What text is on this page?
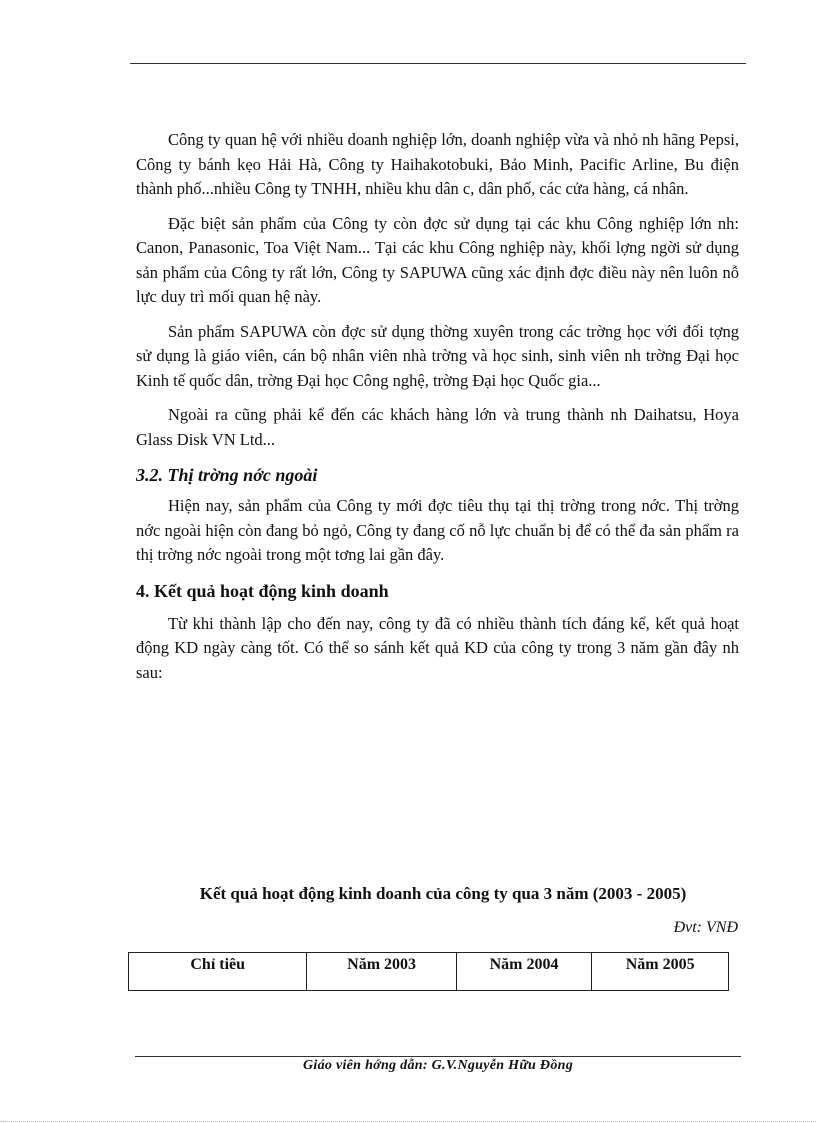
Công ty quan hệ với nhiều doanh nghiệp lớn, doanh nghiệp vừa và nhỏ nh hãng Pepsi, Công ty bánh kẹo Hải Hà, Công ty Haihakotobuki, Bảo Minh, Pacific Arline, Bu điện thành phố...nhiều Công ty TNHH, nhiều khu dân c, dân phố, các cửa hàng, cá nhân.

Đặc biệt sản phẩm của Công ty còn đợc sử dụng tại các khu Công nghiệp lớn nh: Canon, Panasonic, Toa Việt Nam... Tại các khu Công nghiệp này, khối lợng ngời sử dụng sản phẩm của Công ty rất lớn, Công ty SAPUWA cũng xác định đợc điều này nên luôn nỗ lực duy trì mối quan hệ này.

Sản phẩm SAPUWA còn đợc sử dụng thờng xuyên trong các trờng học với đối tợng sử dụng là giáo viên, cán bộ nhân viên nhà trờng và học sinh, sinh viên nh trờng Đại học Kinh tế quốc dân, trờng Đại học Công nghệ, trờng Đại học Quốc gia...

Ngoài ra cũng phải kể đến các khách hàng lớn và trung thành nh Daihatsu, Hoya Glass Disk VN Ltd...

3.2. Thị trờng nớc ngoài

Hiện nay, sản phẩm của Công ty mới đợc tiêu thụ tại thị trờng trong nớc. Thị trờng nớc ngoài hiện còn đang bỏ ngỏ, Công ty đang cố nỗ lực chuẩn bị để có thể đa sản phẩm ra thị trờng nớc ngoài trong một tơng lai gần đây.

4. Kết quả hoạt động kinh doanh

Từ khi thành lập cho đến nay, công ty đã có nhiều thành tích đáng kể, kết quả hoạt động KD ngày càng tốt. Có thể so sánh kết quả KD của công ty trong 3 năm gần đây nh sau:

Kết quả hoạt động kinh doanh của công ty qua 3 năm (2003 - 2005)
Đvt: VNĐ
Chỉ tiêu	Năm 2003	Năm 2004	Năm 2005
Giáo viên hớng dẫn: G.V.Nguyễn Hữu Đồng
